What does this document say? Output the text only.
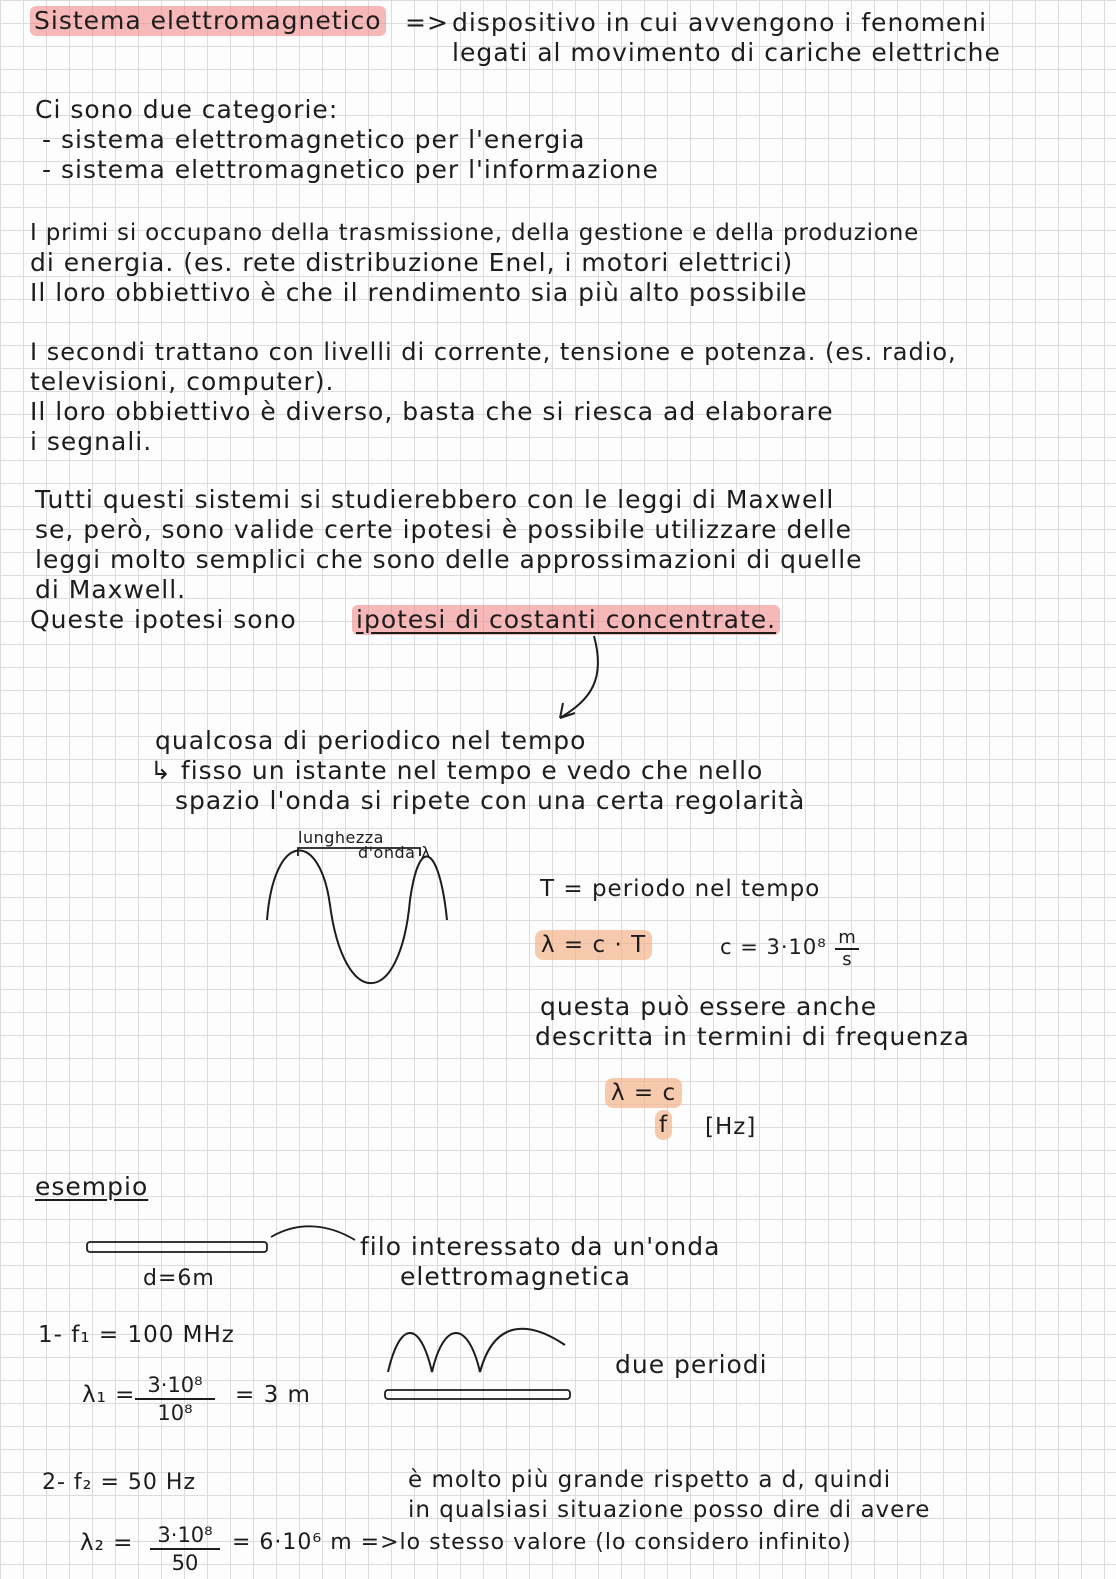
Sistema elettromagnetico => dispositivo in cui avvengono i fenomeni
legati al movimento di cariche elettriche
Ci sono due categorie:
- sistema elettromagnetico per l'energia
- sistema elettromagnetico per l'informazione
I primi si occupano della trasmissione, della gestione e della produzione
di energia. (es. rete distribuzione Enel, i motori elettrici)
Il loro obbiettivo è che il rendimento sia più alto possibile
I secondi trattano con livelli di corrente, tensione e potenza. (es. radio,
televisioni, computer).
Il loro obbiettivo è diverso, basta che si riesca ad elaborare
i segnali.
Tutti questi sistemi si studierebbero con le leggi di Maxwell
se, però, sono valide certe ipotesi è possibile utilizzare delle
leggi molto semplici che sono delle approssimazioni di quelle
di Maxwell.
Queste ipotesi sono ipotesi di costanti concentrate.
qualcosa di periodico nel tempo
↳ fisso un istante nel tempo e vedo che nello
spazio l'onda si ripete con una certa regolarità
lunghezza
d'onda λ
T = periodo nel tempo
λ = c · T	$c = 3\cdot 10^8 \frac{m}{s}$
questa può essere anche
descritta in termini di frequenza
λ = c
f [Hz]
esempio
filo interessato da un'onda
elettromagnetica
d=6m
1- f₁ = 100 MHz
$\lambda_1 = \frac{\text{3·10⁸}}{\text{10⁸}} = 3$ m
due periodi
2- f₂ = 50 Hz	è molto più grande rispetto a d, quindi
in qualsiasi situazione posso dire di avere
$\lambda_2 = \frac{\text{3·10⁸}}{50} = 6\cdot 10^6$ m =>lo stesso valore (lo considero infinito)
